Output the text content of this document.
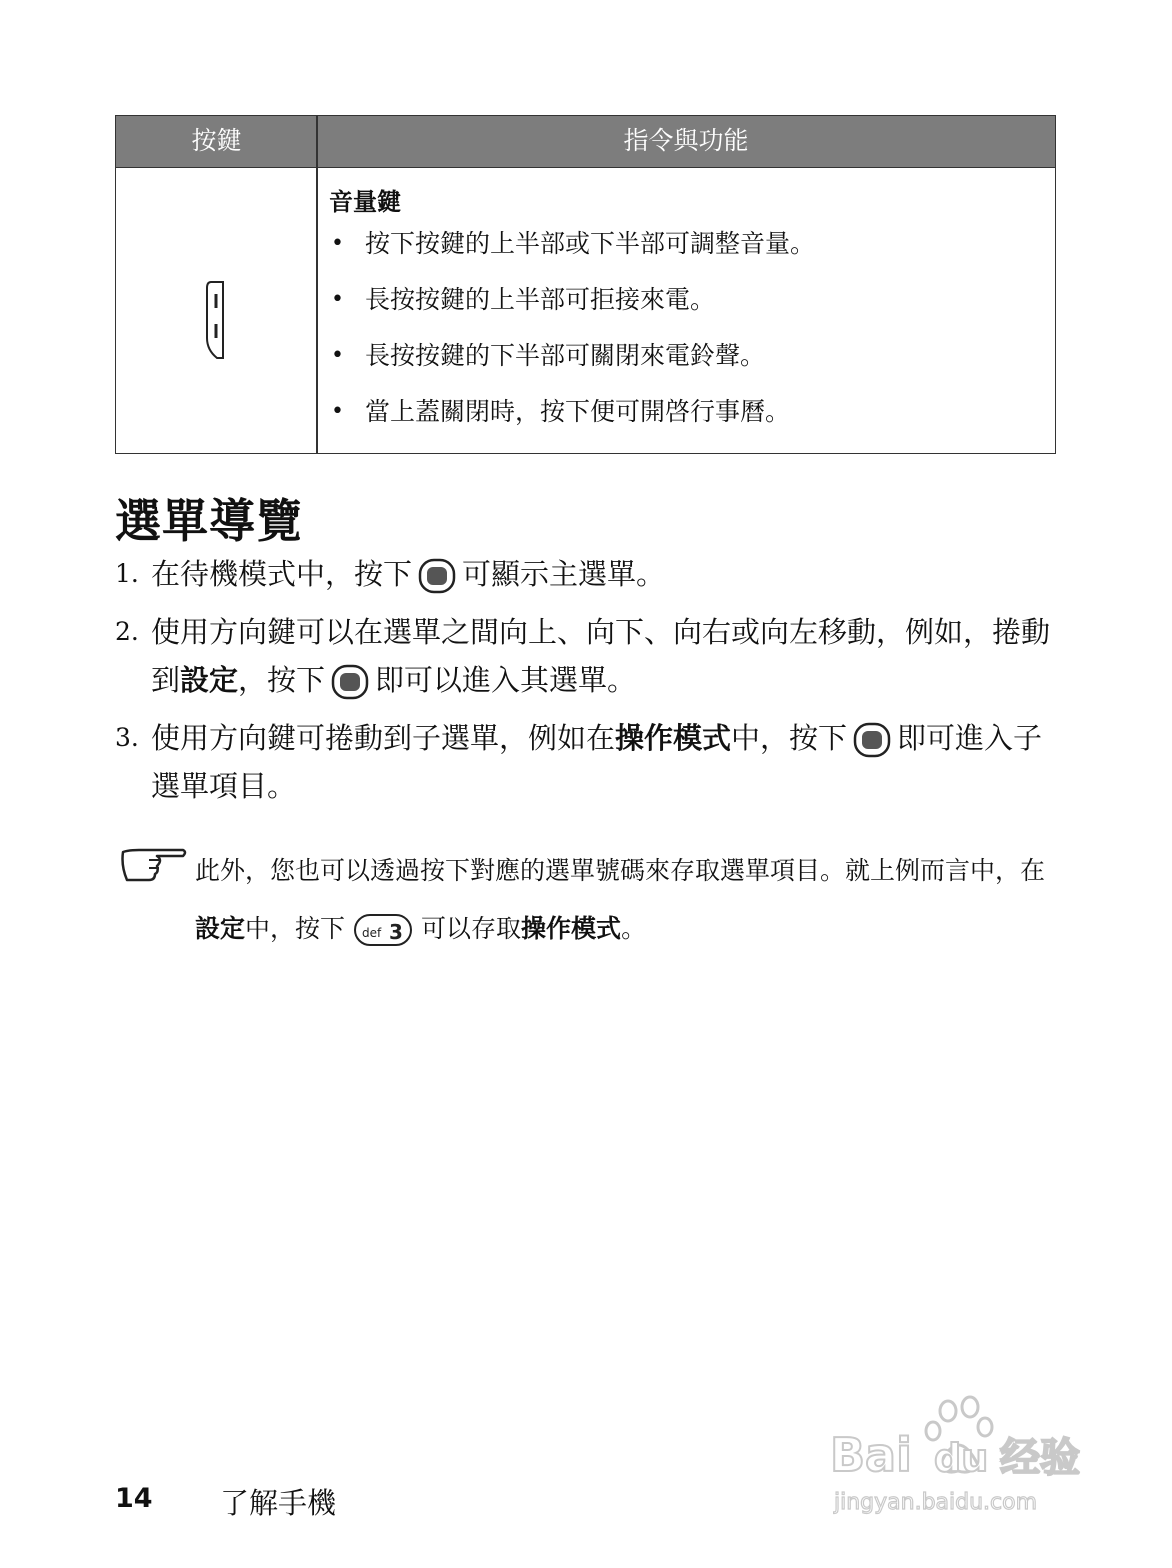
按鍵	指令與功能
音量鍵
• 按下按鍵的上半部或下半部可調整音量。
• 長按按鍵的上半部可拒接來電。
• 長按按鍵的下半部可關閉來電鈴聲。
• 當上蓋關閉時，按下便可開啓行事曆。
選單導覽
1. 在待機模式中，按下 可顯示主選單。
2. 使用方向鍵可以在選單之間向上、向下、向右或向左移動，例如，捲動到設定，按下 即可以進入其選單。
3. 使用方向鍵可捲動到子選單，例如在操作模式中，按下 即可進入子選單項目。
此外，您也可以透過按下對應的選單號碼來存取選單項目。就上例而言中，在設定中，按下 def 3 可以存取操作模式。
14 了解手機
Bai du 经验
jingyan.baidu.com
